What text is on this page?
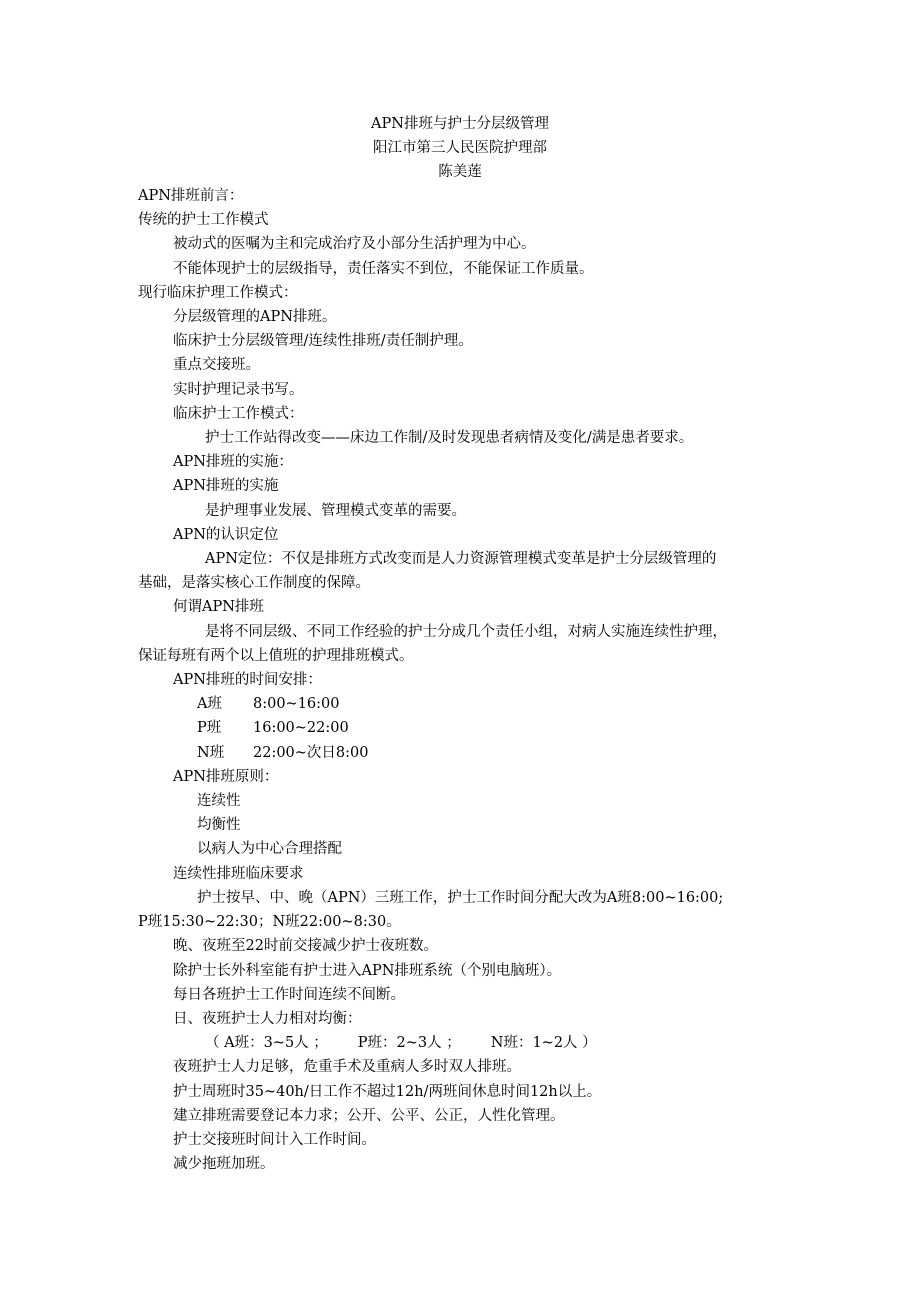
APN排班与护士分层级管理
阳江市第三人民医院护理部
陈美莲
APN排班前言：
传统的护士工作模式
被动式的医嘱为主和完成治疗及小部分生活护理为中心。
不能体现护士的层级指导，责任落实不到位，不能保证工作质量。
现行临床护理工作模式：
分层级管理的APN排班。
临床护士分层级管理/连续性排班/责任制护理。
重点交接班。
实时护理记录书写。
临床护士工作模式：
护士工作站得改变——床边工作制/及时发现患者病情及变化/满是患者要求。
APN排班的实施：
APN排班的实施
是护理事业发展、管理模式变革的需要。
APN的认识定位
APN定位：不仅是排班方式改变而是人力资源管理模式变革是护士分层级管理的
基础，是落实核心工作制度的保障。
何谓APN排班
是将不同层级、不同工作经验的护士分成几个责任小组，对病人实施连续性护理，
保证每班有两个以上值班的护理排班模式。
APN排班的时间安排：
A班 8:00~16:00
P班 16:00~22:00
N班 22:00~次日8:00
APN排班原则：
连续性
均衡性
以病人为中心合理搭配
连续性排班临床要求
护士按早、中、晚（APN）三班工作，护士工作时间分配大改为A班8:00~16:00;
P班15:30~22:30；N班22:00~8:30。
晚、夜班至22时前交接减少护士夜班数。
除护士长外科室能有护士进入APN排班系统（个别电脑班）。
每日各班护士工作时间连续不间断。
日、夜班护士人力相对均衡：
（ A班：3~5人 ； P班：2~3人 ； N班：1~2人 ）
夜班护士人力足够，危重手术及重病人多时双人排班。
护士周班时35~40h/日工作不超过12h/两班间休息时间12h以上。
建立排班需要登记本力求；公开、公平、公正，人性化管理。
护士交接班时间计入工作时间。
减少拖班加班。
